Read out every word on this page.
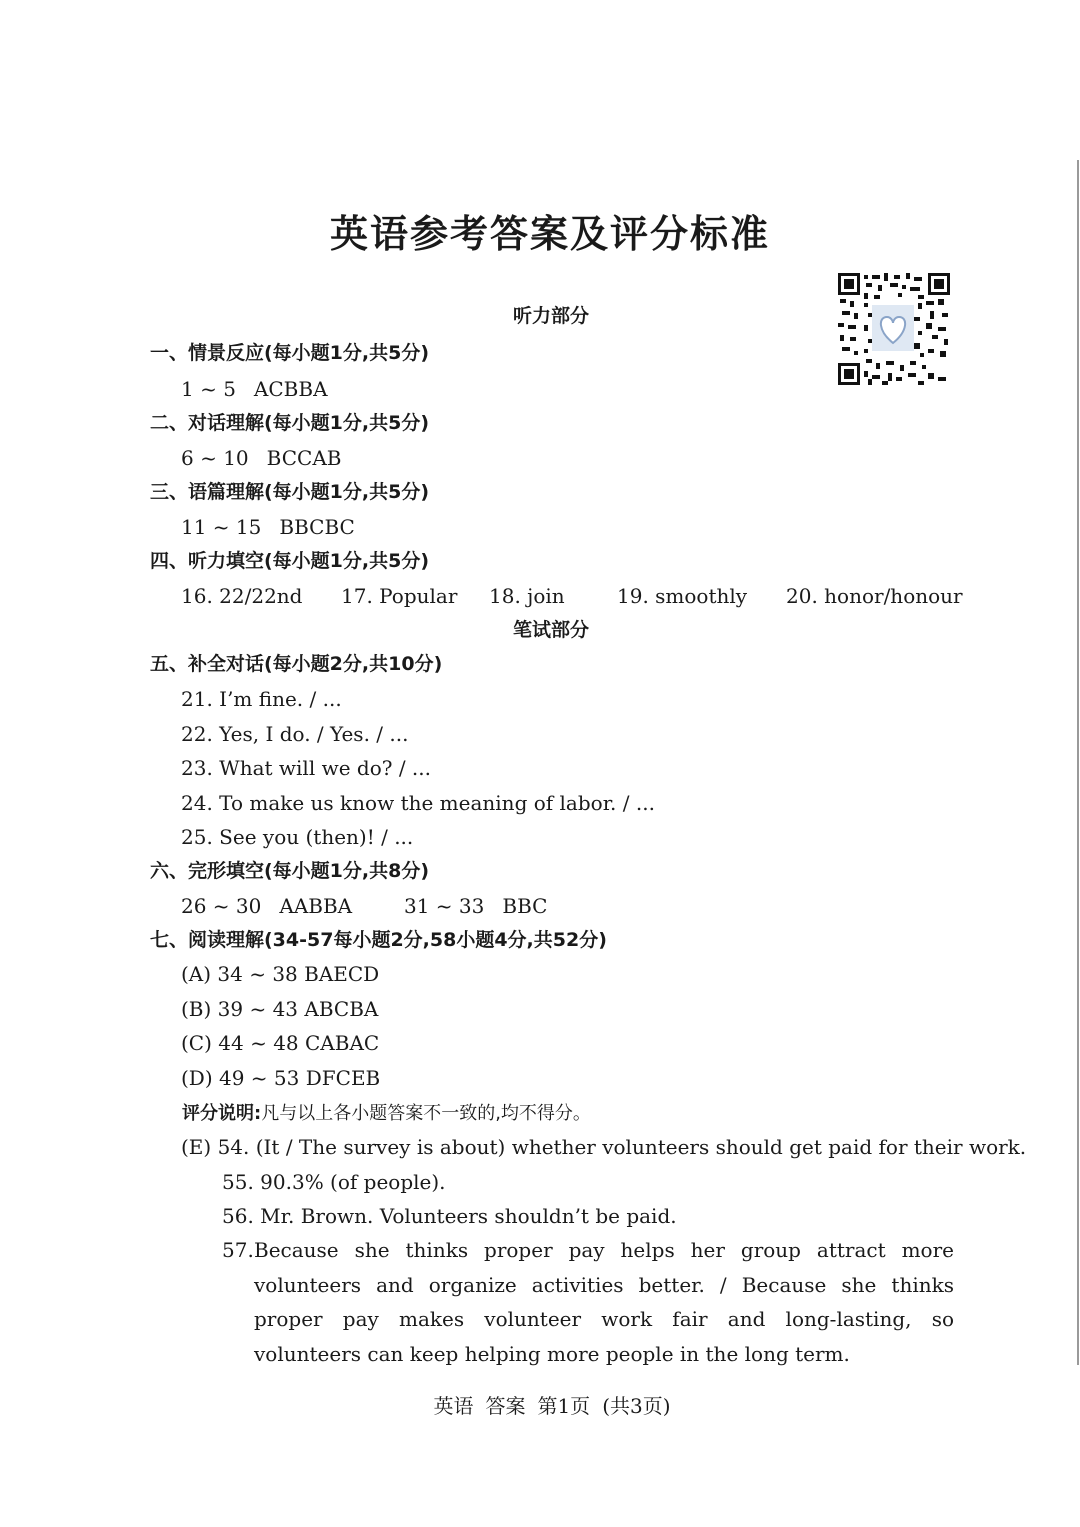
英语参考答案及评分标准
听力部分
一、情景反应(每小题1分,共5分)
1 ~ 5 ACBBA
二、对话理解(每小题1分,共5分)
6 ~ 10 BCCAB
三、语篇理解(每小题1分,共5分)
11 ~ 15 BBCBC
四、听力填空(每小题1分,共5分)
16. 22/22nd 17. Popular 18. join	19. smoothly 20. honor/honour
笔试部分
五、补全对话(每小题2分,共10分)
21. I’m fine. / ...
22. Yes, I do. / Yes. / ...
23. What will we do? / ...
24. To make us know the meaning of labor. / ...
25. See you (then)! / ...
六、完形填空(每小题1分,共8分)
26 ~ 30 AABBA	31 ~ 33 BBC
七、阅读理解(34-57每小题2分,58小题4分,共52分)
(A) 34 ~ 38 BAECD
(B) 39 ~ 43 ABCBA
(C) 44 ~ 48 CABAC
(D) 49 ~ 53 DFCEB
评分说明:凡与以上各小题答案不一致的,均不得分。
(E) 54. (It / The survey is about) whether volunteers should get paid for their work.
55. 90.3% (of people).
56. Mr. Brown. Volunteers shouldn’t be paid.
57. Because she thinks proper pay helps her group attract more volunteers and organize activities better. / Because she thinks proper pay makes volunteer work fair and long-lasting, so volunteers can keep helping more people in the long term.
英语 答案 第1页 (共3页)
